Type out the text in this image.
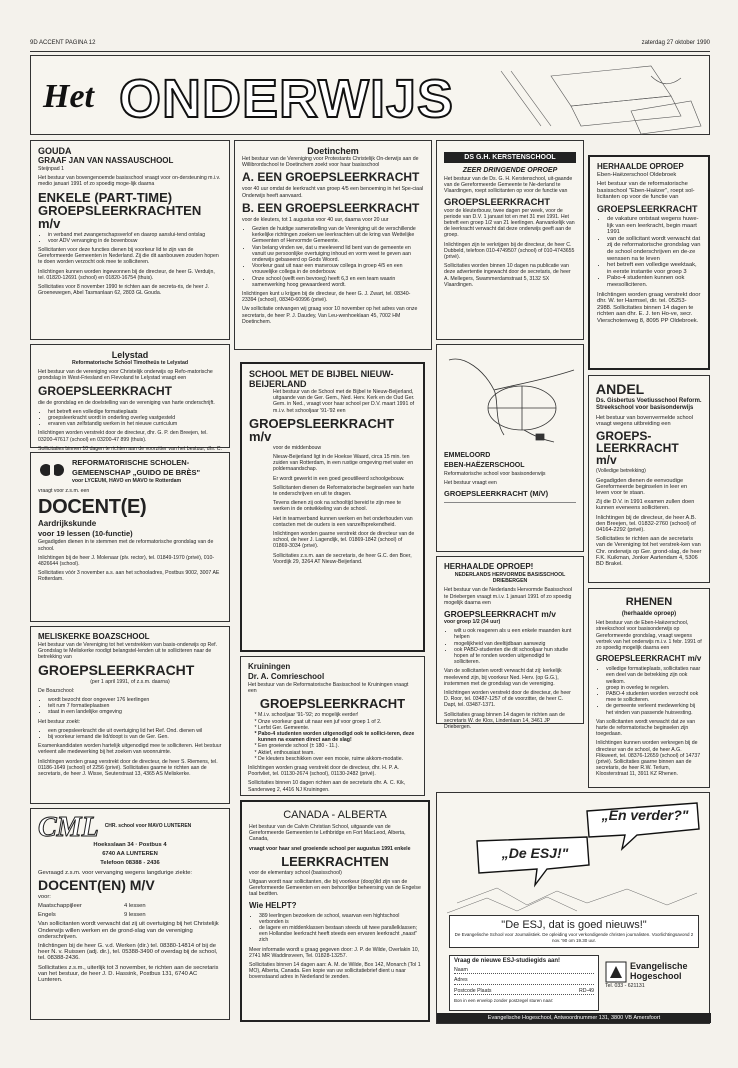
9D ACCENT PAGINA 12	zaterdag 27 oktober 1990
Het ONDERWIJS
GOUDA
GRAAF JAN VAN NASSAUSCHOOL
Steijnpad 1

Het bestuur van bovengenoemde basisschool vraagt voor on-dersteuning m.i.v. medio januari 1991 of zo spoedig moge-lijk daarna

ENKELE (PART-TIME) GROEPSLEERKRACHTEN m/v
• in verband met zwangerschapsverlof en daarop aanslui-tend ontslag
• voor ADV vervanging in de bovenbouw

Sollicitanten voor deze functies dienen bij voorkeur lid te zijn van de Gereformeerde Gemeenten in Nederland. Zij die dit aanbouwen zouden hopen te doen worden verzocht ook mee te solliciteren.

Inlichtingen kunnen worden ingewonnen bij de directeur, de heer G. Verduijn, tel. 01820-12691 (school) en 01820-16754 (thuis).

Sollicitaties voor 8 november 1990 te richten aan de secreta-ris, de heer J. Groenewegen, Abel Tasmanlaan 62, 2803 GL Gouda.

Doetinchem

Het bestuur van de Vereniging voor Protestants Christelijk On-derwijs aan de Willibrordschool te Doetinchem zoekt voor haar basisschool

A. EEN GROEPSLEERKRACHT

voor 40 uur omdat de leerkracht van groep 4/5 een benoeming in het Spe-ciaal Onderwijs heeft aanvaard.

B. EEN GROEPSLEERKRACHT

voor de kleuters, tot 1 augustus voor 40 uur, daarna voor 20 uur

• Gezien de huidige samenstelling van de Vereniging uit de verschillende kerkelijke richtingen zoeken we leerkrachten uit de kring van Wettelijke Gemeenten of Hervormde Gemeente.
• Van belang vinden we, dat u meelevend lid bent van de gemeente en vanuit uw persoonlijke overtuiging inhoud en vorm weet te geven aan onderwijs gebaseerd op Gods Woord.
• Voorkeur gaat uit naar een manvrouw collega in groep 4/5 en een vrouwelijke collega in de onderbouw.
• Onze school (welft een bevroeg) heeft 6,3 en een team waarin samenwerking hoog gewaardeerd wordt.

Inlichtingen kunt u krijgen bij de directeur, de heer G. J. Zwart, tel. 08340-23394 (school), 08340-60996 (privé).

Uw sollicitatie ontvangen wij graag voor 10 november op het adres van onze secretaris, de heer P. J. Daudey, Van Leu-wenhoeklaan 45, 7002 HM Doetinchem.

DS G.H. KERSTENSCHOOL
ZEER DRINGENDE OPROEP

Het bestuur van de Ds. G. H. Kerstenschool, uit-gaande van de Gereformeerde Gemeente te Ne-derland te Vlaardingen, roept sollicitanten op voor de functie van

GROEPSLEERKRACHT

voor de kleuterbouw, twee dagen per week, voor de periode van D.V. 1 januari tot en met 31 mei 1991. Het betreft een groep 1/2 van 21 leerlingen. Aanvankelijk van de leerkracht verwacht dat deze onderwijs geeft aan de groep.

Inlichtingen zijn te verkrijgen bij de directeur, de heer C. Dubbeld, telefoon 010-4749507 (school) of 010-4743655 (privé).

Sollicitaties worden binnen 10 dagen na publicatie van deze advertentie ingewacht door de secretaris, de heer A. Mellegers, Swammerdamstraat 5, 3132 SX Vlaardingen.

HERHAALDE OPROEP

Eben-Haëzerschool Oldebroek

Het bestuur van de reformatorische basisschool "Eben-Haëzer", roept sol-licitanten op voor de functie van

GROEPSLEERKRACHT
• de vakature ontstaat wegens huwe-lijk van een leerkracht, begin maart 1991
• van de sollicitant wordt verwacht dat zij de reformatorische grondslag van de school onderschrijven en de-ze wenssen na te leven
• het betreft een volledige weektaak, in eerste instantie voor groep 3
• Pabo-4 studenten kunnen ook meesolliciteren.

Inlichtingen worden graag verstrekt door dhr. W. ter Harmsel, dir. tel. 05253-2988. Sollicitaties binnen 14 dagen te richten aan dhr. E. J. ten Ho-ve, secr. Vierschotenweg 8, 8095 PP Oldebroek.

Lelystad
Reformatorische School Timotheüs te Lelystad

Het bestuur van de vereniging voor Christelijk onderwijs op Refo-matorische grondslag in West-Friesland en Flevoland te Lelystad vraagt een

GROEPSLEERKRACHT

die de grondslag en de doelstelling van de vereniging van harte onderschrijft.

• het betreft een volledige formatieplaats
• groepsleerkracht wordt in onderling overleg vastgesteld
• ervaren van zelfstandig werken in het nieuwe curriculum

Inlichtingen worden verstrekt door de directeur, dhr. G. P. den Breejen, tel. 03200-47617 (school) en 03200-47 899 (thuis).

Sollicitaties binnen 10 dagen te richten aan de voorzitter van het bestuur, dhr. C.

REFORMATORISCHE SCHOLEN-GEMEENSCHAP „GUIDO DE BRÈS"
voor LYCEUM, HAVO en MAVO te Rotterdam

vraagt voor z.s.m. een

DOCENT(E)
Aardrijkskunde
voor 19 lessen (10-functie)

Gegadigden dienen in te stemmen met de reformatorische grondslag van de school.

Inlichtingen bij de heer J. Molenaar (plv. rector), tel. 01849-1970 (privé), 010-4826644 (school).

Sollicitaties vóór 3 november a.s. aan het schooladres, Postbus 9002, 3007 AE Rotterdam.

SCHOOL MET DE BIJBEL NIEUW-BEIJERLAND

Het bestuur van de School met de Bijbel te Nieuw-Beijerland, uitgaande van de Ger. Gem., Ned. Herv. Kerk en de Oud Ger. Gem. in Ned., vraagt voor haar school per D.V. maart 1991 of m.i.v. het schooljaar '91-'92 een

GROEPSLEERKRACHT m/v

voor de middenbouw

Nieuw-Beijerland ligt in de Hoekse Waard, circa 15 min. ten zuiden van Rotterdam, in een rustige omgeving met water en poldernaandschap.

Er wordt gewerkt in een goed geoutilleerd schoolgebouw.

Sollicitanten dienen de Reformatorische beginselen van harte te onderschrijven en uit te dragen.

Tevens dienen zij ook na schooltijd bereid te zijn mee te werken in de ontwikkeling van de school.

Het in teamverband kunnen werken en het onderhouden van contacten met de ouders is een vanzelfsprekendheid.

Inlichtingen worden gaarne verstrekt door de directeur van de school, de heer J. Lagendijk, tel. 01869-1842 (school) of 01869-3034 (privé).

Sollicitaties z.s.m. aan de secretaris, de heer G.C. den Boer, Voordijk 29, 3264 AT Nieuw-Beijerland.

EMMELOORD
EBEN-HAËZERSCHOOL
Reformatorische school voor basisonderwijs
Het bestuur vraagt een
GROEPSLEERKRACHT (M/V)
ANDEL
Ds. Gisbertus Voetiusschool Reform. Streekschool voor basisonderwijs

Het bestuur van bovenvermelde school vraagt wegens uitbreiding een

GROEPS-LEERKRACHT m/v
(Volledige betrekking)

Gegadigden dienen de eenvoudige Gereformeerde beginselen in leer en leven voor te staan.

Zij die D.V. in 1991 examen zullen doen kunnen eveneens solliciteren.

Inlichtingen bij de directeur, de heer A.B. den Breejen, tel. 01832-2760 (school) of 04164-2292 (privé).

Sollicitaties te richten aan de secretaris van de Vereniging tot het verstrek-ken van Chr. onderwijs op Ger. grond-slag, de heer F.K. Kuikman, Jonker Aartendam 4, 5306 BD Brakel.

HERHAALDE OPROEP!
NEDERLANDS HERVORMDE BASISSCHOOL DRIEBERGEN

Het bestuur van de Nederlands Hervormde Basisschool te Driebergen vraagt m.i.v. 1 januari 1991 of zo spoedig mogelijk daarna een

GROEPSLEERKRACHT m/v
voor groep 1/2 (34 uur)
• wilt u ook reageren als u een enkele maanden kunt helpen
• mogelijkheid van deeltijdbaan aanwezig
• ook PABO-studenten die dit schooljaar hun studie hopen af te ronden worden uitgenodigd te solliciteren.

Van de sollicitanten wordt verwacht dat zij: kerkelijk meelevend zijn, bij voorkeur Ned. Herv. (op G.G.), instemmen met de grondslag van de vereniging.

Inlichtingen worden verstrekt door de directeur, de heer D. Roor, tel. 03487-1257 of de voorzitter, de heer C. Dapt, tel. 03487-1371.

Sollicitaties graag binnen 14 dagen te richten aan de secretaris W. de Klos, Lindenlaan 14, 3461 JP Driebergen.

RHENEN
(herhaalde oproep)

Het bestuur van de Eben-Haëzerschool, streekschool voor basisonderwijs op Gereformeerde grondslag, vraagt wegens vertrek van het onderwijs m.i.v. 1 febr. 1991 of zo spoedig mogelijk daarna een

GROEPSLEERKRACHT m/v
• volledige formatieplaats, sollicitaties naar een deel van de betrekking zijn ook welkom.
• groep in overleg te regelen.
• PABO-4 studenten worden verzocht ook mee te solliciteren.
• de gemeente verleent medewerking bij het vinden van passende huisvesting.

Van sollicitanten wordt verwacht dat ze van harte de reformatorische beginselen zijn toegedaan.

Inlichtingen kunnen worden verkregen bij de directeur van de school, de heer A.G. Flikweert, tel. 08376-12659 (school) of 14737 (privé). Sollicitaties gaarne binnen aan de secretaris, de heer R.W. Terlum, Kloosterstraat 11, 3911 KZ Rhenen.

MELISKERKE BOAZSCHOOL

Het bestuur van de Vereniging tot het verstrekken van basis-onderwijs op Ref. Grondslag te Meliskerke roodigt belangstel-lenden uit te solliciteren naar de betrekking van

GROEPSLEERKRACHT
(per 1 april 1991, of z.s.m. daarna)

De Boazschool:

• wordt bezocht door ongeveer 176 leerlingen
• telt rum 7 formatieplaatsen
• staat in een landelijke omgeving

Het bestuur zoekt:

• een groepsleerkracht die uit overtuiging lid het Ref. Ond. dienen wil
• bij voorkeur iemand die lid/doopt is van de Ger. Gen.

Examenkandidaten worden hartelijk uitgenodigd mee te solliciteren. Het bestuur verleent alle medewerking bij het zoeken van woonruimte.

Inlichtingen worden graag verstrekt door de directeur, de heer S. Riemens, tel. 01186-1649 (school) of 2256 (privé). Sollicitaties gaarne te richten aan de secretaris, de heer J. Wisse, Seuterstraat 13, 4365 AS Meliskerke.

Kruiningen
Dr. A. Comrieschool

Het bestuur van de Reformatorische Basisschool te Kruiningen vraagt een

GROEPSLEERKRACHT
* M.i.v. schooljaar '91-'92; zo mogelijk eerder!
* Onze voorkeur gaat uit naar een juf voor groep 1 of 2.
* Lerfst Ger. Gemeente.
* Pabo-4 studenten worden uitgenodigd ook te sollici-teren, deze kunnen na examen direct aan de slag!
* Een groeiende school (± 180 - 11.).
* Aktief, enthousiast team.
* De kleuters beschikken over een mooie, ruime akkom-modatie.

Inlichtingen worden graag verstrekt door de directeur, dhr. H. P. A. Poortvliet, tel. 01130-2674 (school), 01130-2482 (privé).

Sollicitaties binnen 10 dagen richten aan de secretaris dhr. A. C. Kik, Sandenweg 2, 4416 NJ Kruiningen.

CML CHR. school voor MAVO LUNTEREN
Hoeksslaan 34 · Postbus 4
6740 AA LUNTEREN
Telefoon 08388 - 2436

Gevraagd z.s.m. voor vervanging wegens langdurige ziekte:

DOCENT(EN) M/V
voor:
Maatschappijleer	4 lessen
Engels	9 lessen

Van sollicitanten wordt verwacht dat zij uit overtuiging bij het Christelijk Onderwijs willen werken en de grond-slag van de vereniging onderschrijven.

Inlichtingen bij de heer G. v.d. Werken (dir.) tel. 08380-14814 of bij de heer N. v. Ruissen (adj. dir.), tel. 05388-3490 of overdag bij de school, tel. 08388-2436.

Sollicitaties z.s.m., uiterlijk tot 3 november, te richten aan de secretaris van het bestuur, de heer J. D. Hassink, Postbus 131, 6740 AC Lunteren.

CANADA - ALBERTA

Het bestuur van de Calvin Christian School, uitgaande van de Gereformeerde Gemeenten te Lethbridge en Fort MacLeod, Alberta, Canada,

vraagt voor haar snel groeiende school per augustus 1991 enkele

LEERKRACHTEN

voor de elementary school (basisschool)

Uitgaan wordt naar sollicitanten, die bij voorkeur (doop)lid zijn van de Gereformeerde Gemeenten en een behoorlijke beheersing van de Engelse taal bezitten.

Wie HELPT?
• 389 leerlingen bezoeken de school, waarvan een hightschool verbonden is
• de lagere en middenklassen bestaan steeds uit twee parallelklassen; een Hollandse leerkracht heeft steeds een ervaren leerkracht „naast" zich

Meer informatie wordt u graag gegeven door: J. P. de Wilde, Overlakin 10, 2741 MR Waddinxveen, Tel. 01828-13257.

Sollicitaties binnen 14 dagen aan: A. M. de Wilde, Box 142, Monarch (Tol 1 MO), Alberta, Canada. Een kopie van uw sollicitatiebrief dient u naar bovenstaand adres in Nederland te zenden.

„En verder?"
„De ESJ!"
"De ESJ, dat is goed nieuws!"
De Evangelische School voor Journalistiek. De opleiding voor verkondigende christen journalisten. Voorlichtingsavond 2 nov. '90 om 19.30 uur.
Vraag de nieuwe ESJ-studiegids aan!
Naam
Adres
Postcode Plaats	RD-49
Bon in een envelop zonder postzegel sturen naar:
Evangelische
Hogeschool
Tel. 033 - 621131
Evangelische Hogeschool, Antwoordnummer 131, 3800 VB Amersfoort
